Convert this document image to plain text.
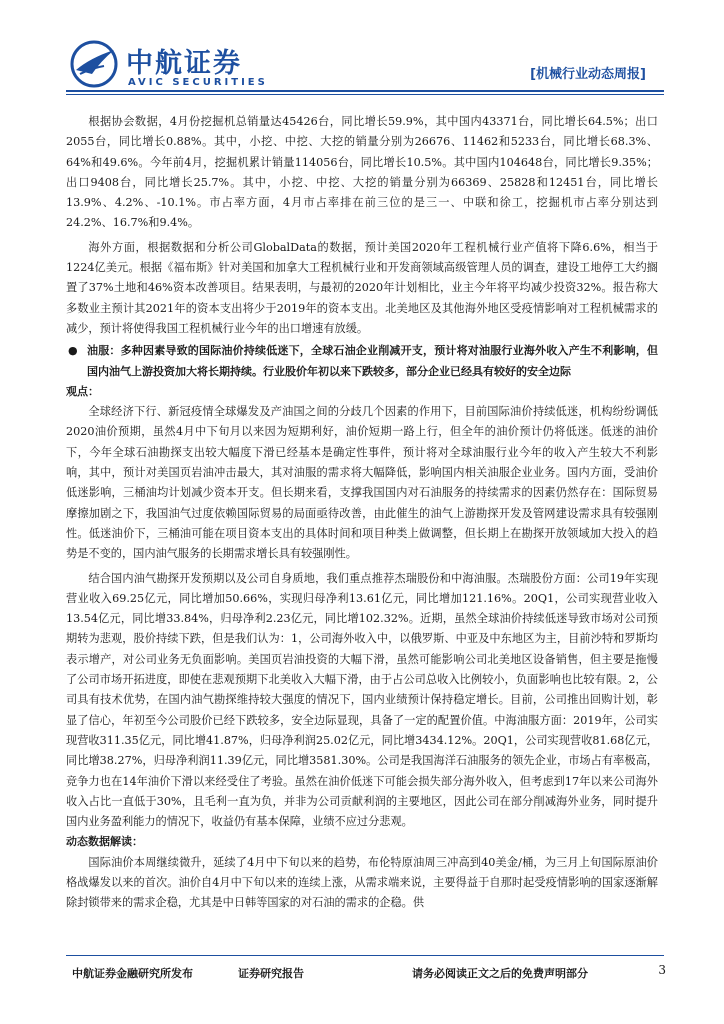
中航证券
AVIC SECURITIES
[机械行业动态周报]

根据协会数据，4月份挖掘机总销量达45426台，同比增长59.9%，其中国内43371台，同比增长64.5%；出口2055台，同比增长0.88%。其中，小挖、中挖、大挖的销量分别为26676、11462和5233台，同比增长68.3%、64%和49.6%。今年前4月，挖掘机累计销量114056台，同比增长10.5%。其中国内104648台，同比增长9.35%；出口9408台，同比增长25.7%。其中，小挖、中挖、大挖的销量分别为66369、25828和12451台，同比增长13.9%、4.2%、-10.1%。市占率方面，4月市占率排在前三位的是三一、中联和徐工，挖掘机市占率分别达到24.2%、16.7%和9.4%。

海外方面，根据数据和分析公司GlobalData的数据，预计美国2020年工程机械行业产值将下降6.6%，相当于1224亿美元。根据《福布斯》针对美国和加拿大工程机械行业和开发商领域高级管理人员的调查，建设工地停工大约搁置了37%土地和46%资本改善项目。结果表明，与最初的2020年计划相比，业主今年将平均减少投资32%。报告称大多数业主预计其2021年的资本支出将少于2019年的资本支出。北美地区及其他海外地区受疫情影响对工程机械需求的减少，预计将使得我国工程机械行业今年的出口增速有放缓。

● 油服：多种因素导致的国际油价持续低迷下，全球石油企业削减开支，预计将对油服行业海外收入产生不利影响，但国内油气上游投资加大将长期持续。行业股价年初以来下跌较多，部分企业已经具有较好的安全边际

观点：

全球经济下行、新冠疫情全球爆发及产油国之间的分歧几个因素的作用下，目前国际油价持续低迷，机构纷纷调低2020油价预期，虽然4月中下旬月以来因为短期利好，油价短期一路上行，但全年的油价预计仍将低迷。低迷的油价下，今年全球石油勘探支出较大幅度下滑已经基本是确定性事件，预计将对全球油服行业今年的收入产生较大不利影响，其中，预计对美国页岩油冲击最大，其对油服的需求将大幅降低，影响国内相关油服企业业务。国内方面，受油价低迷影响，三桶油均计划减少资本开支。但长期来看，支撑我国国内对石油服务的持续需求的因素仍然存在：国际贸易摩擦加剧之下，我国油气过度依赖国际贸易的局面亟待改善，由此催生的油气上游勘探开发及管网建设需求具有较强刚性。低迷油价下，三桶油可能在项目资本支出的具体时间和项目种类上做调整，但长期上在勘探开放领域加大投入的趋势是不变的，国内油气服务的长期需求增长具有较强刚性。

结合国内油气勘探开发预期以及公司自身质地，我们重点推荐杰瑞股份和中海油服。杰瑞股份方面：公司19年实现营业收入69.25亿元，同比增加50.66%，实现归母净利13.61亿元，同比增加121.16%。20Q1，公司实现营业收入13.54亿元，同比增33.84%，归母净利2.23亿元，同比增102.32%。近期，虽然全球油价持续低迷导致市场对公司预期转为悲观，股价持续下跌，但是我们认为：1，公司海外收入中，以俄罗斯、中亚及中东地区为主，目前沙特和罗斯均表示增产，对公司业务无负面影响。美国页岩油投资的大幅下滑，虽然可能影响公司北美地区设备销售，但主要是拖慢了公司市场开拓进度，即使在悲观预期下北美收入大幅下滑，由于占公司总收入比例较小，负面影响也比较有限。2，公司具有技术优势，在国内油气勘探维持较大强度的情况下，国内业绩预计保持稳定增长。目前，公司推出回购计划，彰显了信心，年初至今公司股价已经下跌较多，安全边际显现，具备了一定的配置价值。中海油服方面：2019年，公司实现营收311.35亿元，同比增41.87%，归母净利润25.02亿元，同比增3434.12%。20Q1，公司实现营收81.68亿元，同比增38.27%，归母净利润11.39亿元，同比增3581.30%。公司是我国海洋石油服务的领先企业，市场占有率极高，竞争力也在14年油价下滑以来经受住了考验。虽然在油价低迷下可能会损失部分海外收入，但考虑到17年以来公司海外收入占比一直低于30%，且毛利一直为负，并非为公司贡献利润的主要地区，因此公司在部分削减海外业务，同时提升国内业务盈利能力的情况下，收益仍有基本保障，业绩不应过分悲观。

动态数据解读：

国际油价本周继续微升，延续了4月中下旬以来的趋势，布伦特原油周三冲高到40美金/桶，为三月上旬国际原油价格战爆发以来的首次。油价自4月中下旬以来的连续上涨，从需求端来说，主要得益于自那时起受疫情影响的国家逐渐解除封锁带来的需求企稳，尤其是中日韩等国家的对石油的需求的企稳。供

中航证券金融研究所发布	证券研究报告	请务必阅读正文之后的免费声明部分	3
